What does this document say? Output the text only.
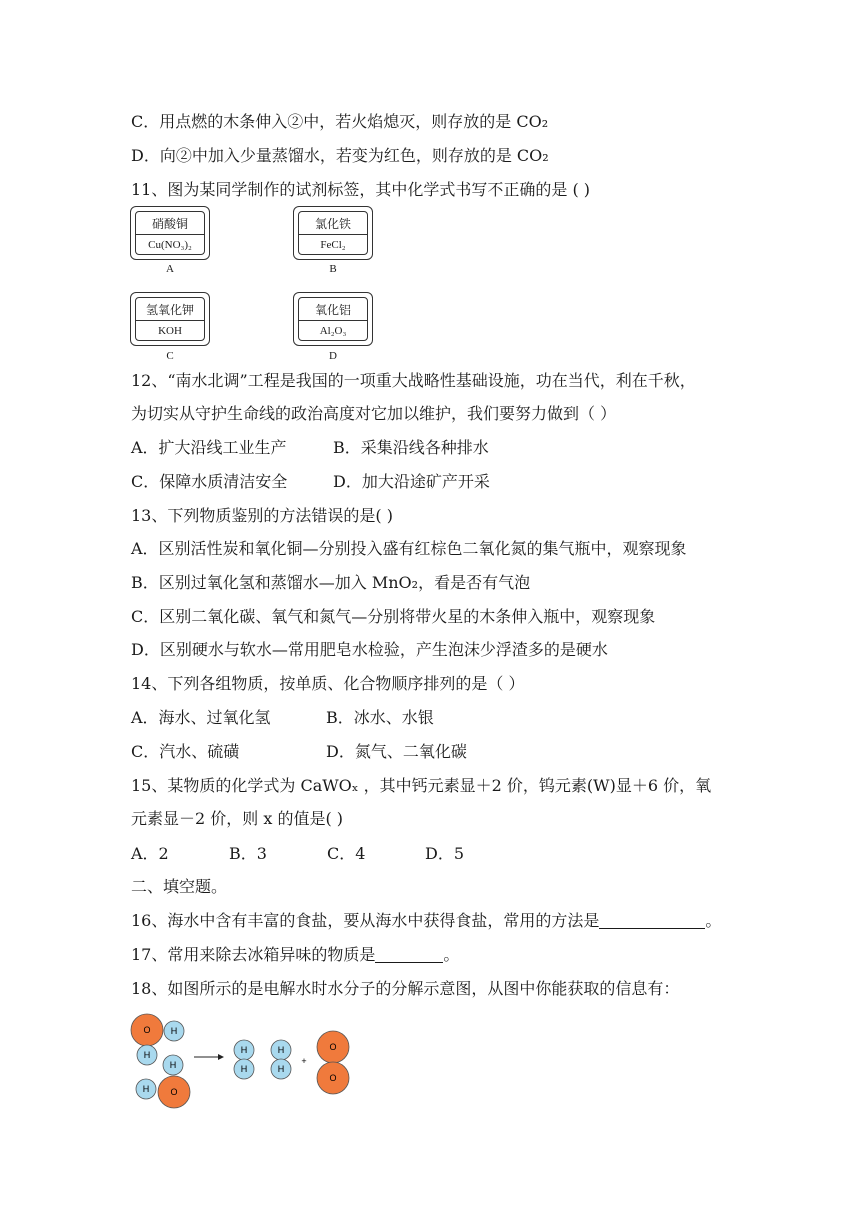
C．用点燃的木条伸入②中，若火焰熄灭，则存放的是 CO₂
D．向②中加入少量蒸馏水，若变为红色，则存放的是 CO₂
11、图为某同学制作的试剂标签，其中化学式书写不正确的是 ( )
硝酸铜
Cu(NO₃)₂
A
氯化铁
FeCl₂
B
氢氧化钾
KOH
C
氧化铝
Al₂O₃
D
12、“南水北调”工程是我国的一项重大战略性基础设施，功在当代，利在千秋，
为切实从守护生命线的政治高度对它加以维护，我们要努力做到（ ）
A．扩大沿线工业生产	B．采集沿线各种排水
C．保障水质清洁安全	D．加大沿途矿产开采
13、下列物质鉴别的方法错误的是( )
A．区别活性炭和氧化铜—分别投入盛有红棕色二氧化氮的集气瓶中，观察现象
B．区别过氧化氢和蒸馏水—加入 MnO₂，看是否有气泡
C．区别二氧化碳、氧气和氮气—分别将带火星的木条伸入瓶中，观察现象
D．区别硬水与软水—常用肥皂水检验，产生泡沫少浮渣多的是硬水
14、下列各组物质，按单质、化合物顺序排列的是（ ）
A．海水、过氧化氢	B．冰水、水银
C．汽水、硫磺	D．氮气、二氧化碳
15、某物质的化学式为 CaWOₓ ，其中钙元素显＋2 价，钨元素(W)显＋6 价，氧
元素显－2 价，则 x 的值是( )
A．2	B．3	C．4	D．5
二、填空题。
16、海水中含有丰富的食盐，要从海水中获得食盐，常用的方法是	。
17、常用来除去冰箱异味的物质是	。
18、如图所示的是电解水时水分子的分解示意图，从图中你能获取的信息有：
O H
H
H
H O
H
H
H
H
+
O
O
